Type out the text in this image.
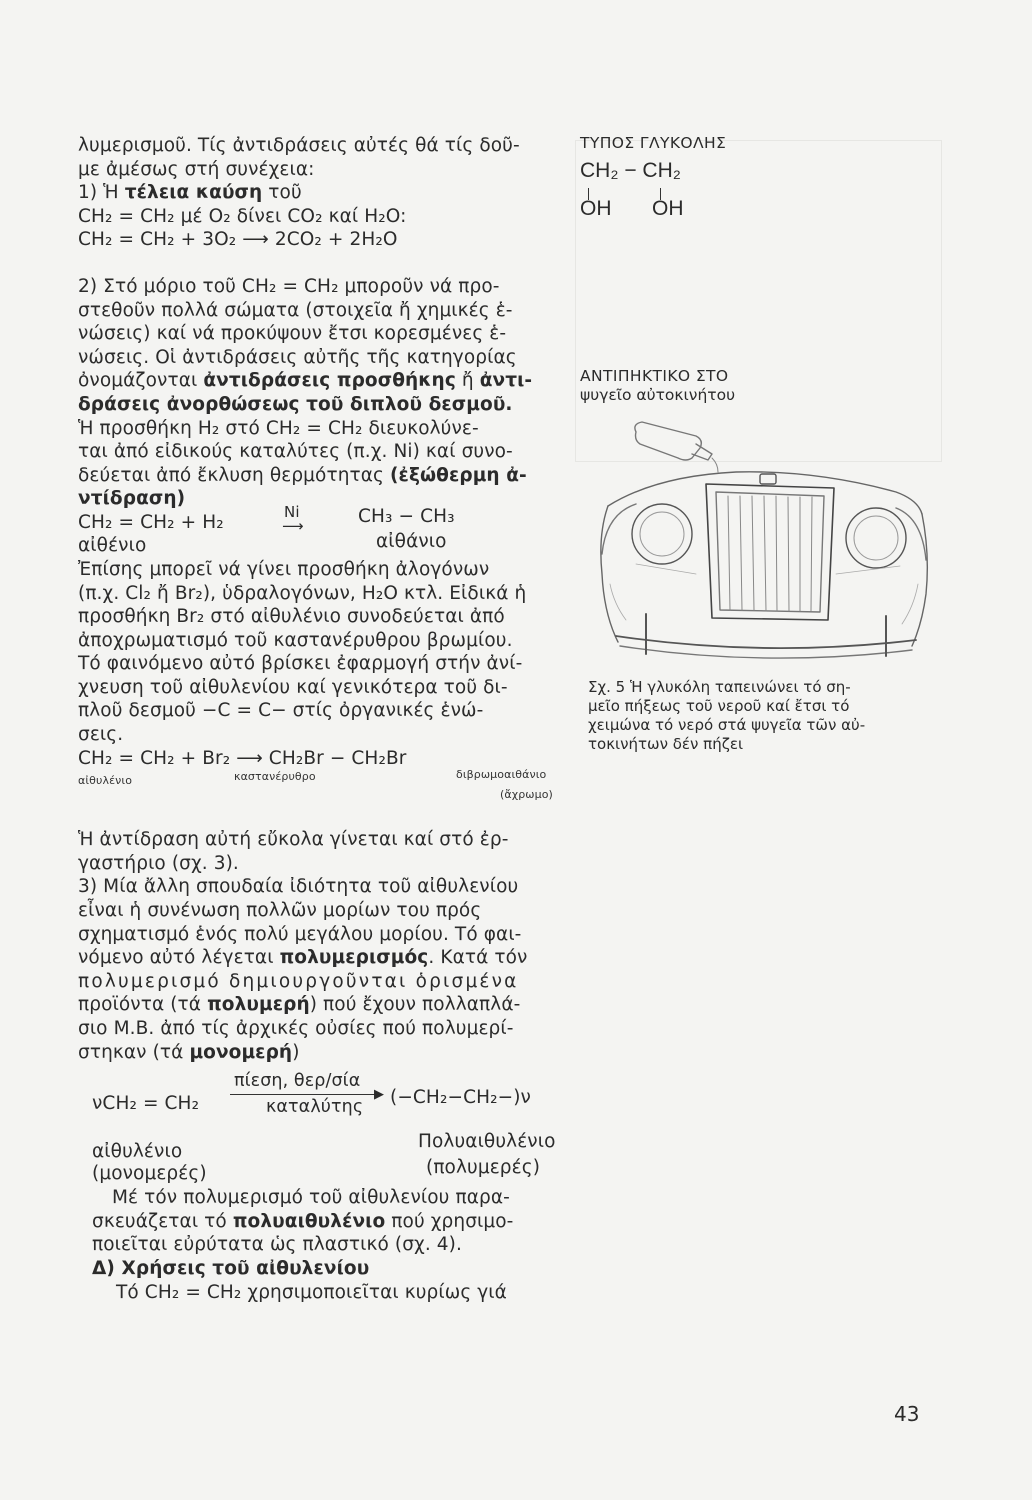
λυμερισμοῦ. Τίς ἀντιδράσεις αὐτές θά τίς δοῦ-

με ἀμέσως στή συνέχεια:

1) Ἡ τέλεια καύση τοῦ

CH₂ = CH₂ μέ O₂ δίνει CO₂ καί H₂O:

CH₂ = CH₂ + 3O₂ ⟶ 2CO₂ + 2H₂O

2) Στό μόριο τοῦ CH₂ = CH₂ μποροῦν νά προ-

στεθοῦν πολλά σώματα (στοιχεῖα ἤ χημικές ἑ-

νώσεις) καί νά προκύψουν ἔτσι κορεσμένες ἑ-

νώσεις. Οἱ ἀντιδράσεις αὐτῆς τῆς κατηγορίας

ὀνομάζονται ἀντιδράσεις προσθήκης ἤ ἀντι-

δράσεις ἀνορθώσεως τοῦ διπλοῦ δεσμοῦ.

Ἡ προσθήκη H₂ στό CH₂ = CH₂ διευκολύνε-

ται ἀπό εἰδικούς καταλύτες (π.χ. Ni) καί συνο-

δεύεται ἀπό ἔκλυση θερμότητας (ἐξώθερμη ἀ-

ντίδραση)

CH₂ = CH₂ + H₂	Ni
⟶	CH₃ − CH₃
αἰθένιο	αἰθάνιο

Ἐπίσης μπορεῖ νά γίνει προσθήκη ἀλογόνων

(π.χ. Cl₂ ἤ Br₂), ὑδραλογόνων, H₂O κτλ. Εἰδικά ἡ

προσθήκη Br₂ στό αἰθυλένιο συνοδεύεται ἀπό

ἀποχρωματισμό τοῦ καστανέρυθρου βρωμίου.

Τό φαινόμενο αὐτό βρίσκει ἐφαρμογή στήν ἀνί-

χνευση τοῦ αἰθυλενίου καί γενικότερα τοῦ δι-

πλοῦ δεσμοῦ −C = C− στίς ὀργανικές ἑνώ-

σεις.

CH₂ = CH₂ + Br₂ ⟶ CH₂Br − CH₂Br

αἰθυλένιο	καστανέρυθρο	διβρωμοαιθάνιο
(ἄχρωμο)

Ἡ ἀντίδραση αὐτή εὔκολα γίνεται καί στό ἐρ-

γαστήριο (σχ. 3).

3) Μία ἄλλη σπουδαία ἰδιότητα τοῦ αἰθυλενίου

εἶναι ἡ συνένωση πολλῶν μορίων του πρός

σχηματισμό ἑνός πολύ μεγάλου μορίου. Τό φαι-

νόμενο αὐτό λέγεται πολυμερισμός. Κατά τόν

πολυμερισμό δημιουργοῦνται ὁρισμένα

προϊόντα (τά πολυμερή) πού ἔχουν πολλαπλά-

σιο Μ.Β. ἀπό τίς ἀρχικές οὐσίες πού πολυμερί-

στηκαν (τά μονομερή)

νCH₂ = CH₂
πίεση, θερ/σία
▶
καταλύτης (−CH₂−CH₂−)ν
αἰθυλένιο	Πολυαιθυλένιο
(μονομερές)	(πολυμερές)

Μέ τόν πολυμερισμό τοῦ αἰθυλενίου παρα-

σκευάζεται τό πολυαιθυλένιο πού χρησιμο-

ποιεῖται εὐρύτατα ὡς πλαστικό (σχ. 4).

Δ) Χρήσεις τοῦ αἰθυλενίου

Τό CH₂ = CH₂ χρησιμοποιεῖται κυρίως γιά

ΤΥΠΟΣ ΓΛΥΚΟΛΗΣ
CH₂ − CH₂
OH OH
ΑΝΤΙΠΗΚΤΙΚΟ ΣΤΟ
ψυγεῖο αὐτοκινήτου
Σχ. 5 Ἡ γλυκόλη ταπεινώνει τό ση-
μεῖο πήξεως τοῦ νεροῦ καί ἔτσι τό
χειμώνα τό νερό στά ψυγεῖα τῶν αὐ-
τοκινήτων δέν πήζει
43
